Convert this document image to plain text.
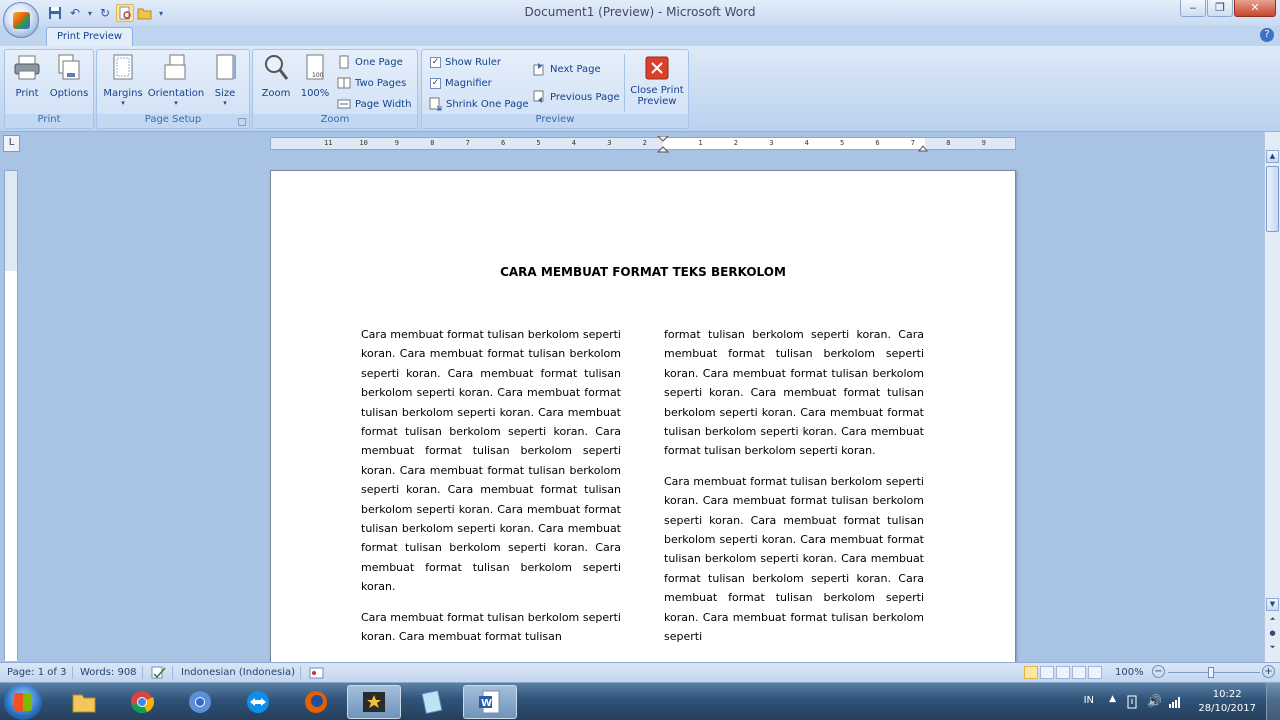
↶ ▾ ↻	▾	Document1 (Preview) - Microsoft Word	‒	❐	✕
Print Preview	?
Print	Options
Print
Margins
▾
Orientation
▾
Size
▾
Page Setup
Zoom
100
100%
One Page
Two Pages
Page Width
Zoom
✓ Show Ruler
✓ Magnifier
Shrink One Page
Next Page
Previous Page
Close Print
Preview
Preview
L	11	10	9	8	7	6	5	4	3	2	1	2	3	4	5	6	7	8	9
CARA MEMBUAT FORMAT TEKS BERKOLOM

Cara membuat format tulisan berkolom seperti koran. Cara membuat format tulisan berkolom seperti koran. Cara membuat format tulisan berkolom seperti koran. Cara membuat format tulisan berkolom seperti koran. Cara membuat format tulisan berkolom seperti koran. Cara membuat format tulisan berkolom seperti koran. Cara membuat format tulisan berkolom seperti koran. Cara membuat format tulisan berkolom seperti koran. Cara membuat format tulisan berkolom seperti koran. Cara membuat format tulisan berkolom seperti koran. Cara membuat format tulisan berkolom seperti koran.

Cara membuat format tulisan berkolom seperti koran. Cara membuat format tulisan

format tulisan berkolom seperti koran. Cara membuat format tulisan berkolom seperti koran. Cara membuat format tulisan berkolom seperti koran. Cara membuat format tulisan berkolom seperti koran. Cara membuat format tulisan berkolom seperti koran. Cara membuat format tulisan berkolom seperti koran.

Cara membuat format tulisan berkolom seperti koran. Cara membuat format tulisan berkolom seperti koran. Cara membuat format tulisan berkolom seperti koran. Cara membuat format tulisan berkolom seperti koran. Cara membuat format tulisan berkolom seperti koran. Cara membuat format tulisan berkolom seperti koran. Cara membuat format tulisan berkolom seperti

▲
▼
⏶
●
⏷
Page: 1 of 3 Words: 908	Indonesian (Indonesia)	100% −	+
W	IN ▲	🔊	10:22
28/10/2017
